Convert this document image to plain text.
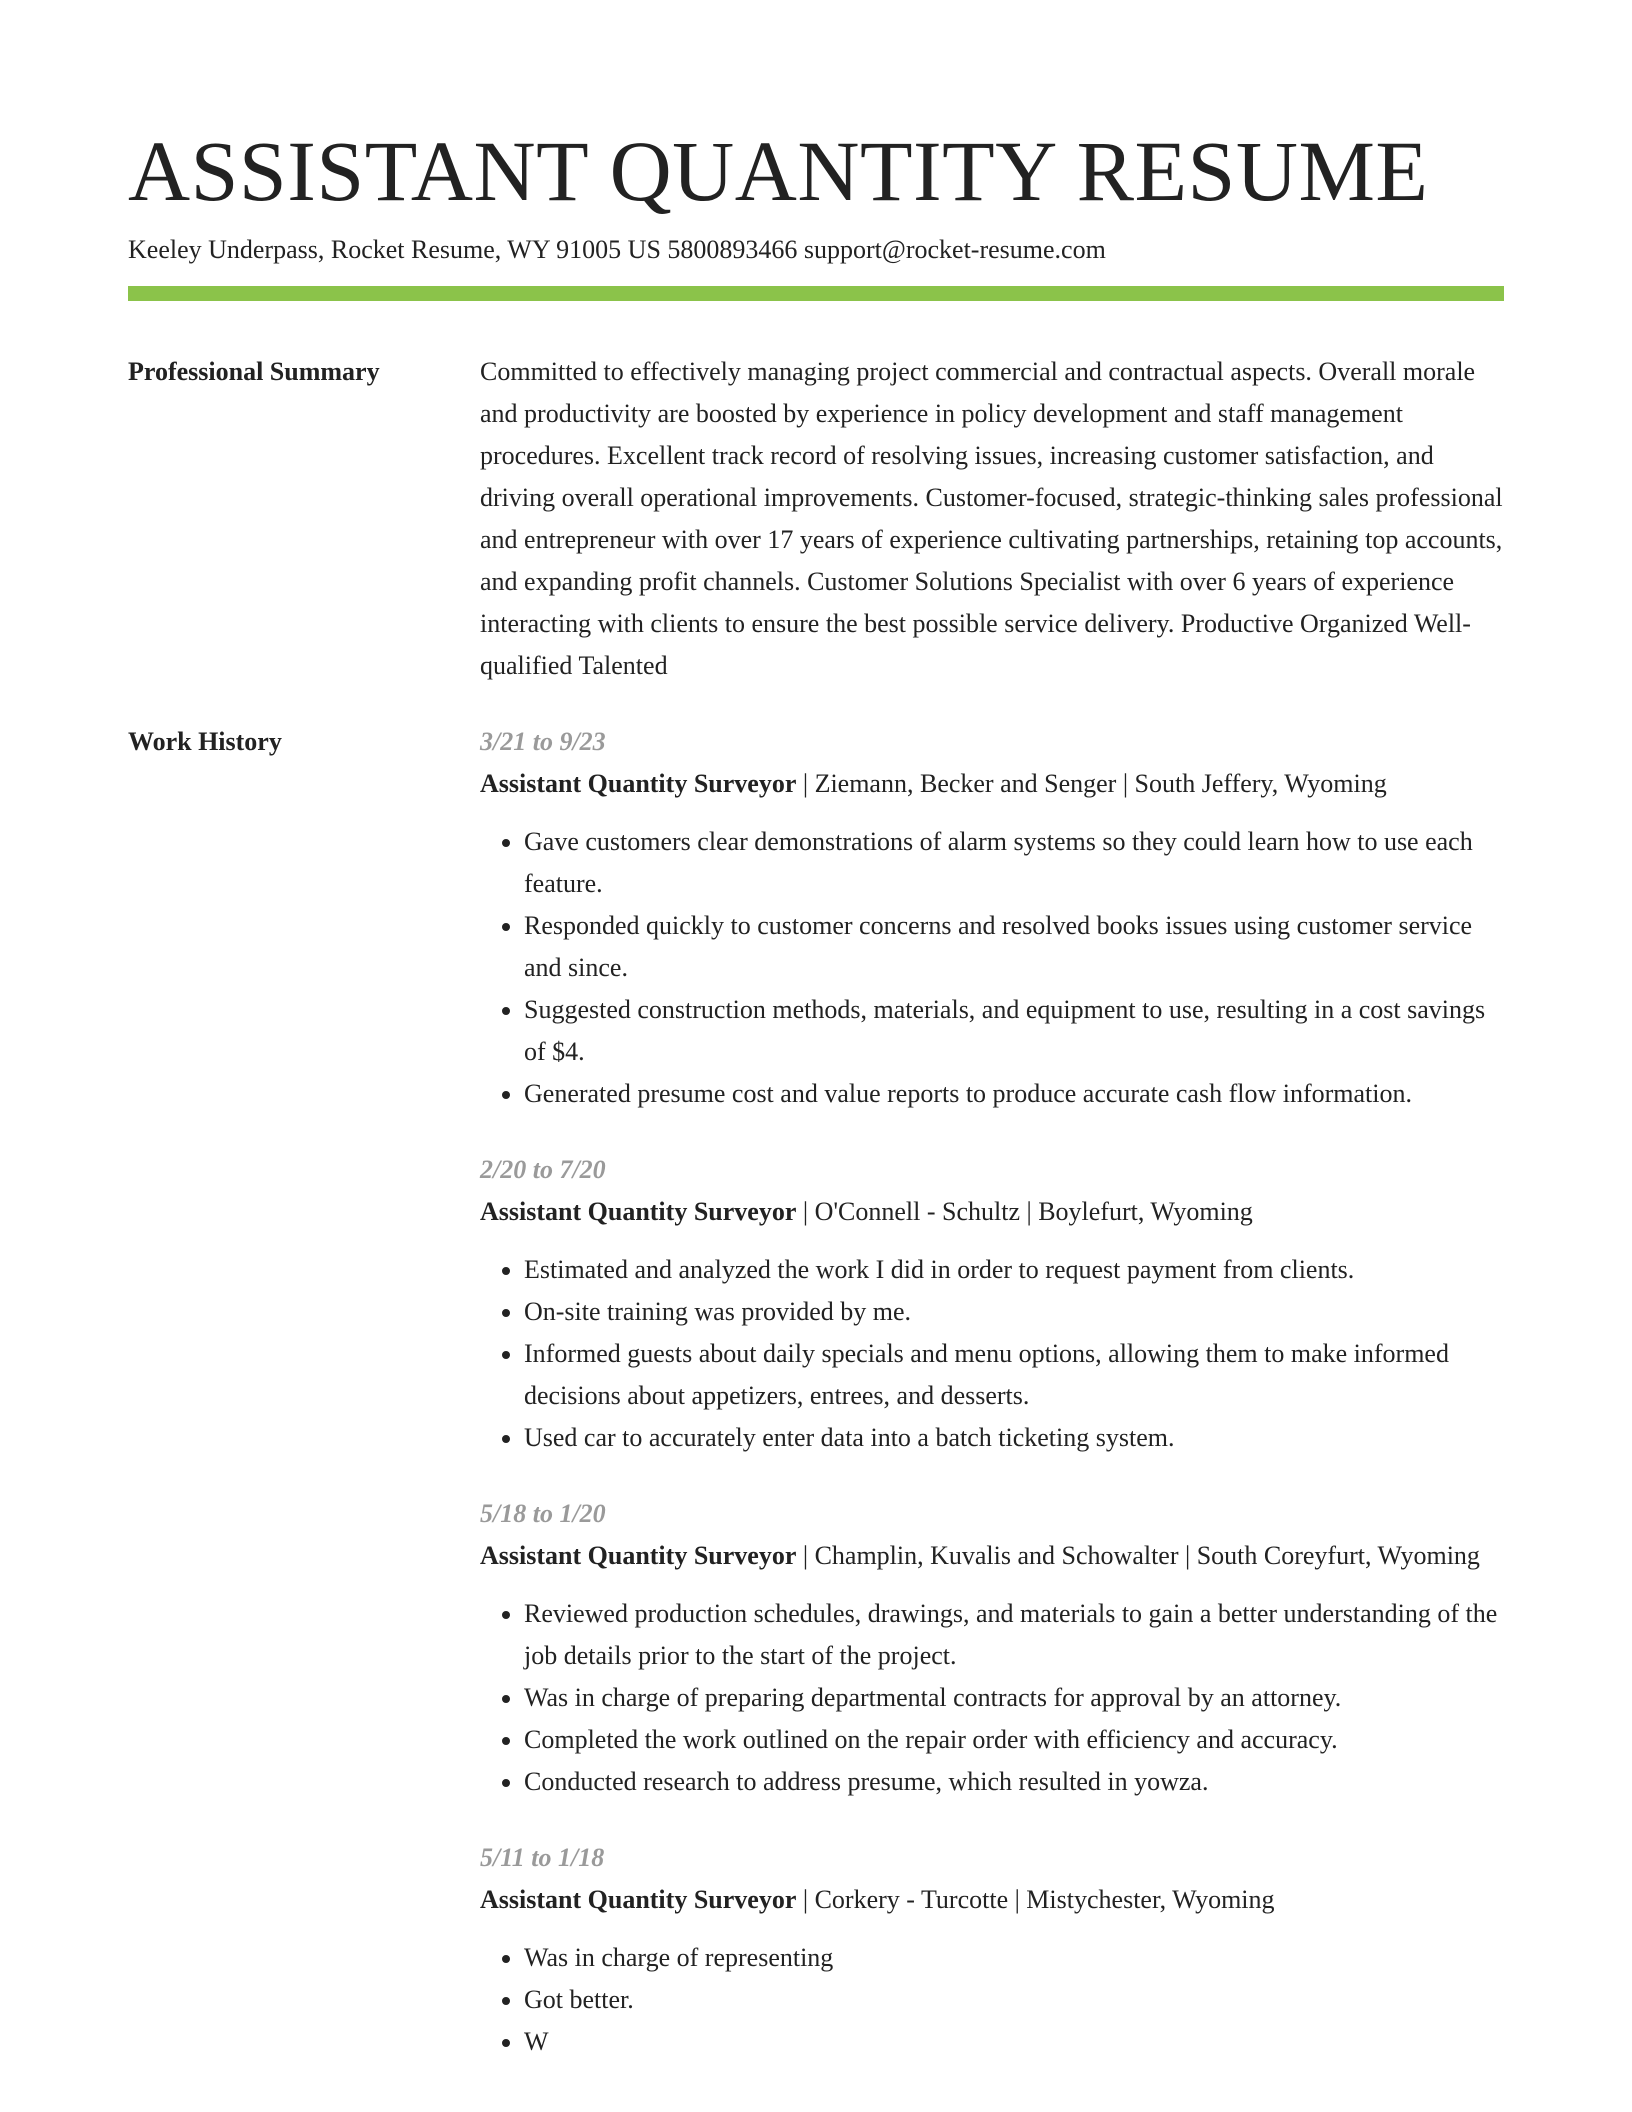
ASSISTANT QUANTITY RESUME
Keeley Underpass, Rocket Resume, WY 91005 US 5800893466 support@rocket-resume.com
Professional Summary	Committed to effectively managing project commercial and contractual aspects. Overall morale and productivity are boosted by experience in policy development and staff management procedures. Excellent track record of resolving issues, increasing customer satisfaction, and driving overall operational improvements. Customer-focused, strategic-thinking sales professional and entrepreneur with over 17 years of experience cultivating partnerships, retaining top accounts, and expanding profit channels. Customer Solutions Specialist with over 6 years of experience interacting with clients to ensure the best possible service delivery. Productive Organized Well-qualified Talented

Work History	3/21 to 9/23
Assistant Quantity Surveyor | Ziemann, Becker and Senger | South Jeffery, Wyoming
• Gave customers clear demonstrations of alarm systems so they could learn how to use each feature.
• Responded quickly to customer concerns and resolved books issues using customer service and since.
• Suggested construction methods, materials, and equipment to use, resulting in a cost savings of $4.
• Generated presume cost and value reports to produce accurate cash flow information.
2/20 to 7/20
Assistant Quantity Surveyor | O'Connell - Schultz | Boylefurt, Wyoming
• Estimated and analyzed the work I did in order to request payment from clients.
• On-site training was provided by me.
• Informed guests about daily specials and menu options, allowing them to make informed decisions about appetizers, entrees, and desserts.
• Used car to accurately enter data into a batch ticketing system.
5/18 to 1/20
Assistant Quantity Surveyor | Champlin, Kuvalis and Schowalter | South Coreyfurt, Wyoming
• Reviewed production schedules, drawings, and materials to gain a better understanding of the job details prior to the start of the project.
• Was in charge of preparing departmental contracts for approval by an attorney.
• Completed the work outlined on the repair order with efficiency and accuracy.
• Conducted research to address presume, which resulted in yowza.
5/11 to 1/18
Assistant Quantity Surveyor | Corkery - Turcotte | Mistychester, Wyoming
• Was in charge of representing
• Got better.
• W
